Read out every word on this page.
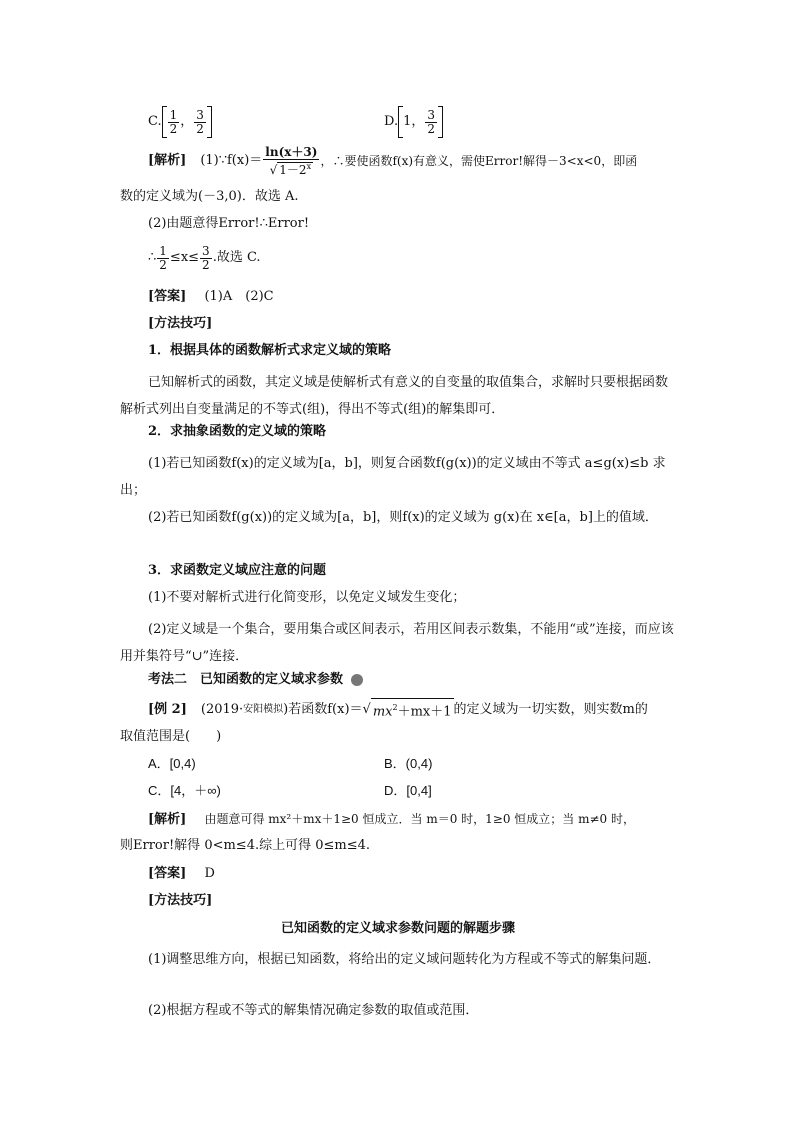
C. $\frac{1}{2}$ ， $\frac{3}{2}$	D. 1， $\frac{3}{2}$
[解析] (1)∵f(x)＝ $\frac{\ln(x+3)}{√ 1-2^x}$ ，∴要使函数f(x)有意义，需使Error!解得－3<x<0，即函
数的定义域为(－3,0)．故选 A.
(2)由题意得Error!∴Error!
∴ $\frac{1}{2} \le x\le \frac{3}{2}$ .故选 C.
[答案] (1)A　(2)C
[方法技巧]
1．根据具体的函数解析式求定义域的策略
已知解析式的函数，其定义域是使解析式有意义的自变量的取值集合，求解时只要根据函数解析式列出自变量满足的不等式(组)，得出不等式(组)的解集即可．
2．求抽象函数的定义域的策略
(1)若已知函数f(x)的定义域为[a，b]，则复合函数f(g(x))的定义域由不等式 a≤g(x)≤b 求出；
(2)若已知函数f(g(x))的定义域为[a，b]，则f(x)的定义域为 g(x)在 x∈[a，b]上的值域．
3．求函数定义域应注意的问题
(1)不要对解析式进行化简变形，以免定义域发生变化；
(2)定义域是一个集合，要用集合或区间表示，若用区间表示数集，不能用“或”连接，而应该用并集符号“∪”连接．
考法二　已知函数的定义域求参数
[例 2] (2019· 安阳模拟 ) 若函数f(x)＝ √ $mx^2+mx+1$ 的定义域为一切实数，则实数m的
取值范围是(　　)
A．[0,4)	B．(0,4)
C．[4，＋∞)	D．[0,4]
[解析] 由题意可得 mx²＋mx＋1≥0 恒成立．当 m＝0 时，1≥0 恒成立；当 m≠0 时，
则Error!解得 0<m≤4.综上可得 0≤m≤4.
[答案] D
[方法技巧]
已知函数的定义域求参数问题的解题步骤
(1)调整思维方向，根据已知函数，将给出的定义域问题转化为方程或不等式的解集问题．
(2)根据方程或不等式的解集情况确定参数的取值或范围．
